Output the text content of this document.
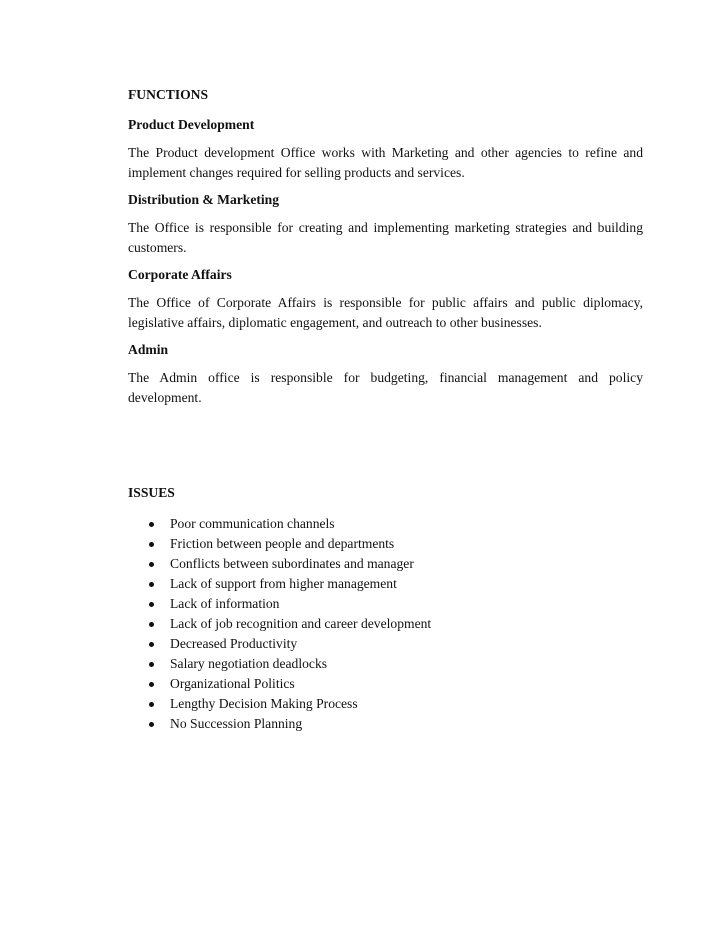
FUNCTIONS

Product Development

The Product development Office works with Marketing and other agencies to refine and implement changes required for selling products and services.

Distribution & Marketing

The Office is responsible for creating and implementing marketing strategies and building customers.

Corporate Affairs

The Office of Corporate Affairs is responsible for public affairs and public diplomacy, legislative affairs, diplomatic engagement, and outreach to other businesses.

Admin

The Admin office is responsible for budgeting, financial management and policy development.

ISSUES

Poor communication channels
Friction between people and departments
Conflicts between subordinates and manager
Lack of support from higher management
Lack of information
Lack of job recognition and career development
Decreased Productivity
Salary negotiation deadlocks
Organizational Politics
Lengthy Decision Making Process
No Succession Planning
